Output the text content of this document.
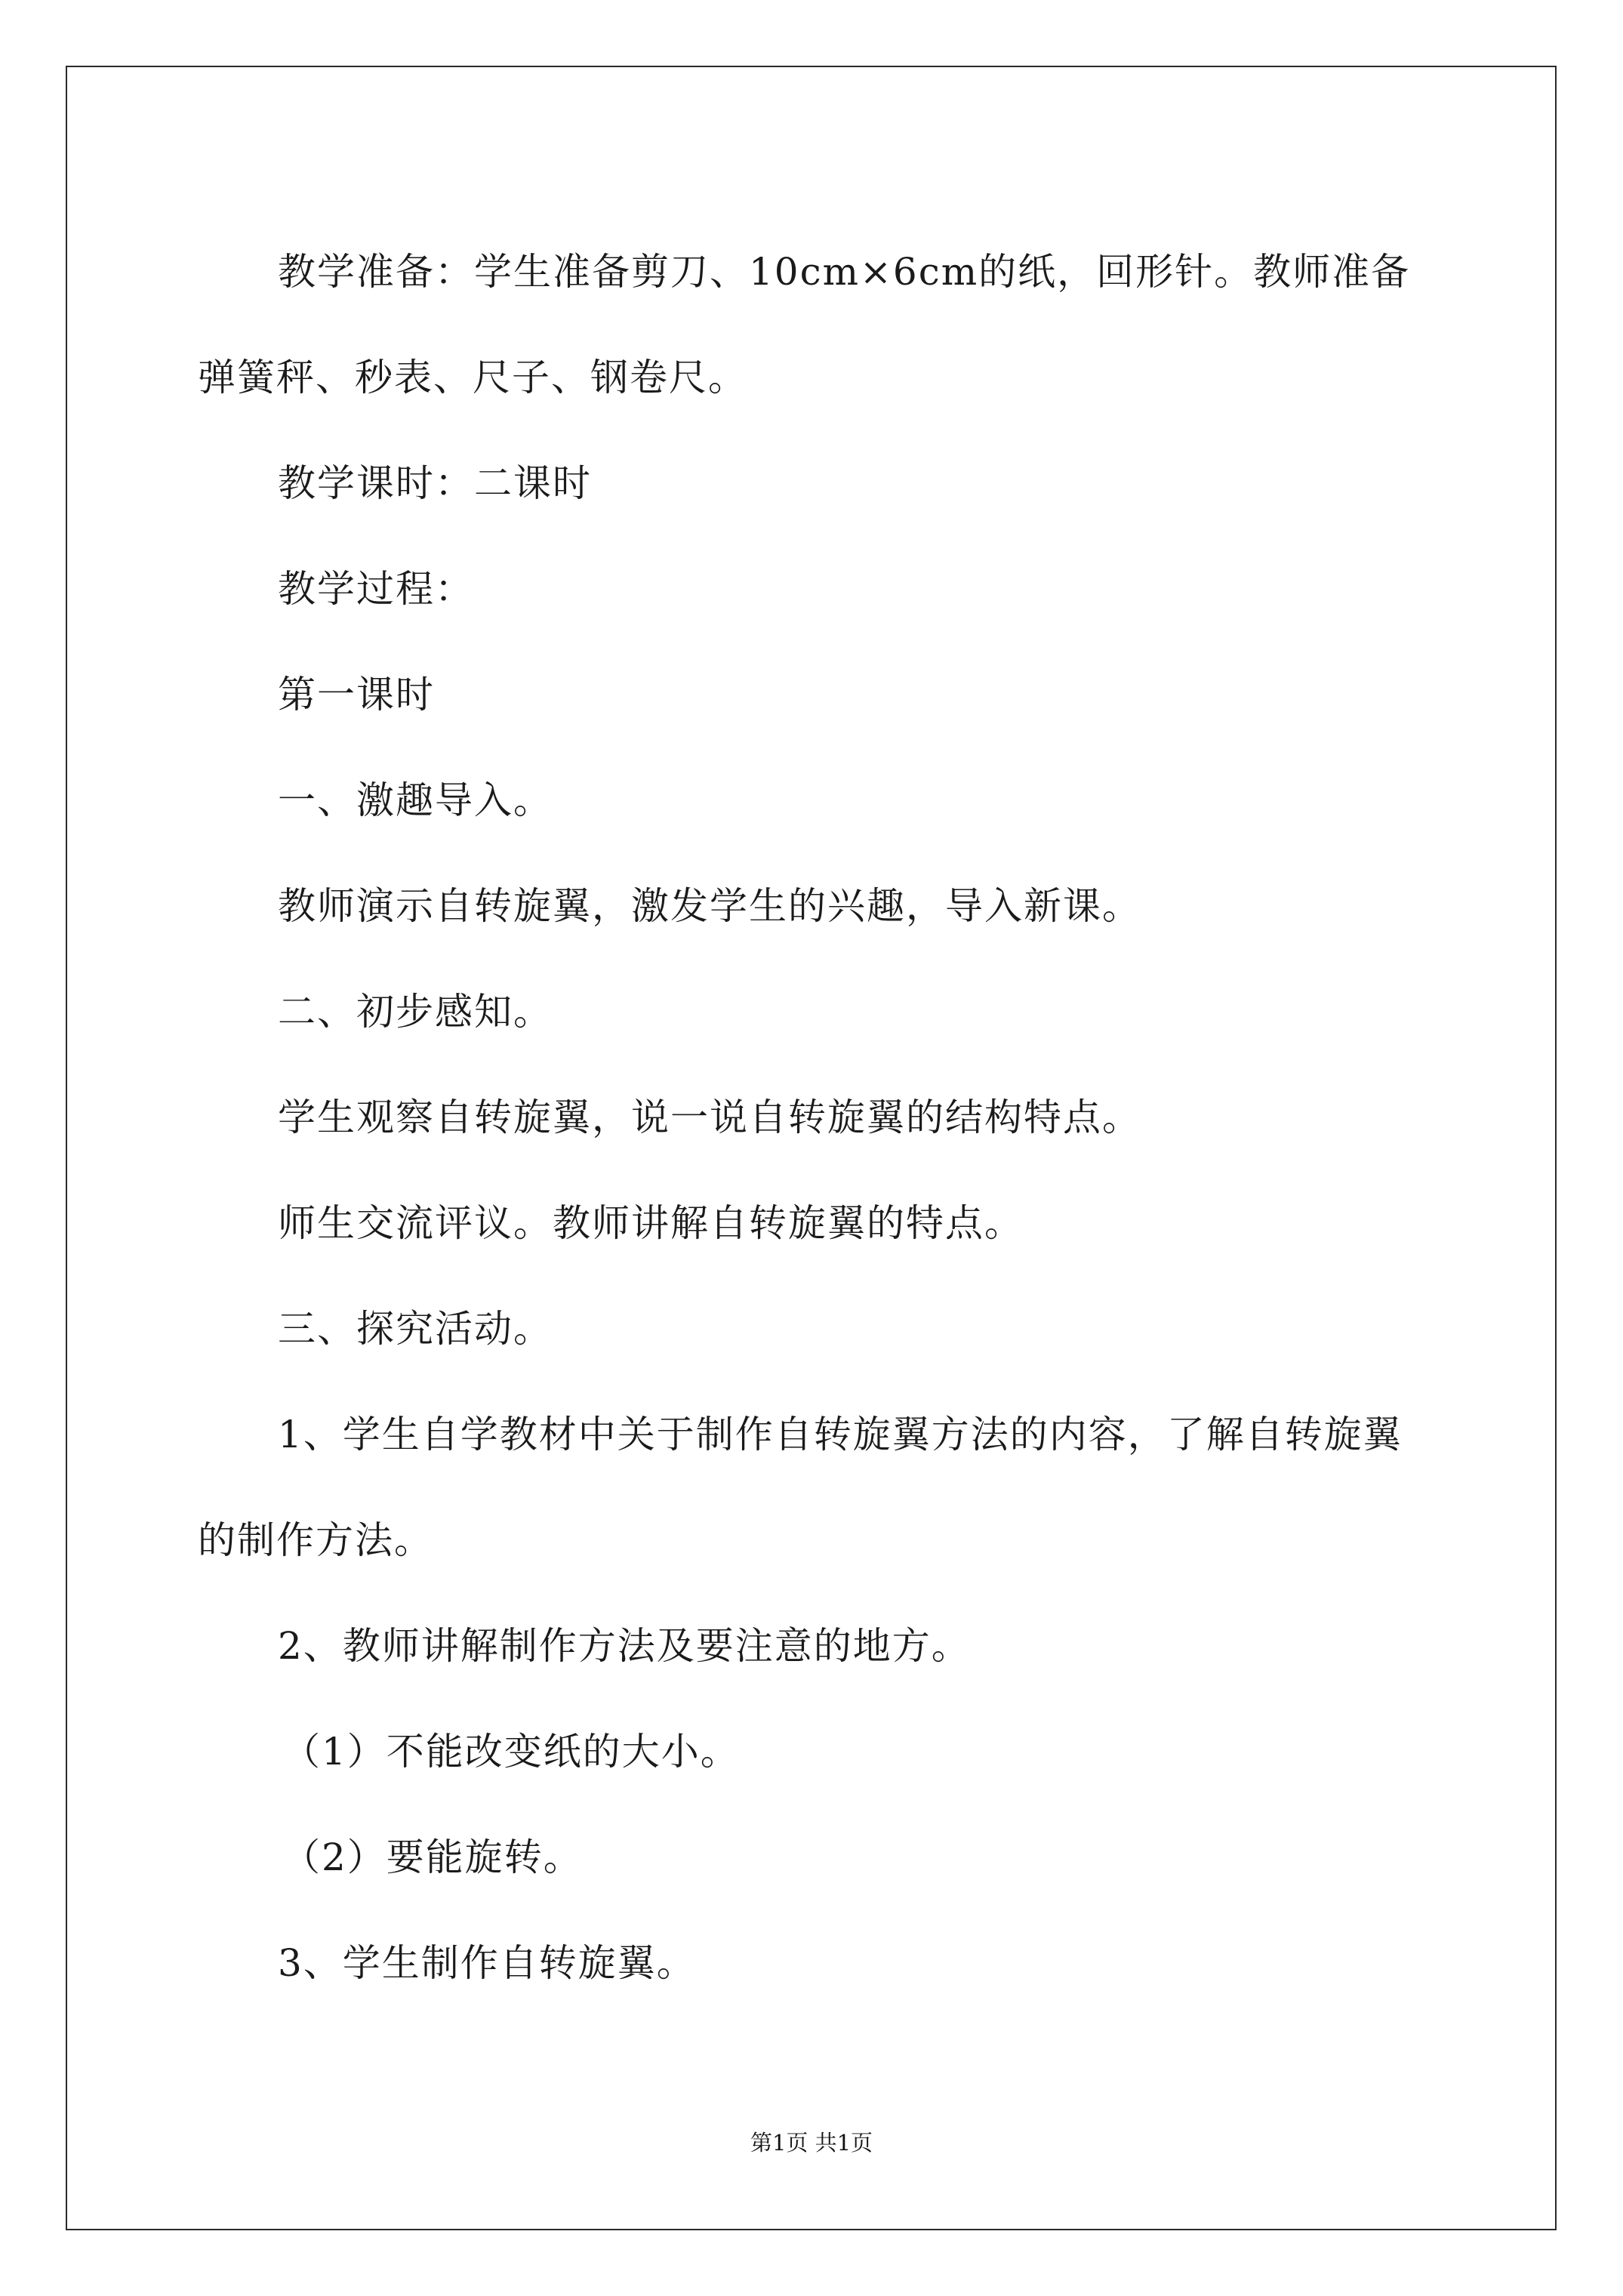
教学准备：学生准备剪刀、10cm×6cm的纸，回形针。教师准备弹簧秤、秒表、尺子、钢卷尺。

教学课时：二课时

教学过程：

第一课时

一、激趣导入。

教师演示自转旋翼，激发学生的兴趣，导入新课。

二、初步感知。

学生观察自转旋翼，说一说自转旋翼的结构特点。

师生交流评议。教师讲解自转旋翼的特点。

三、探究活动。

1、学生自学教材中关于制作自转旋翼方法的内容，了解自转旋翼的制作方法。

2、教师讲解制作方法及要注意的地方。

（1）不能改变纸的大小。

（2）要能旋转。

3、学生制作自转旋翼。

第1页 共1页
